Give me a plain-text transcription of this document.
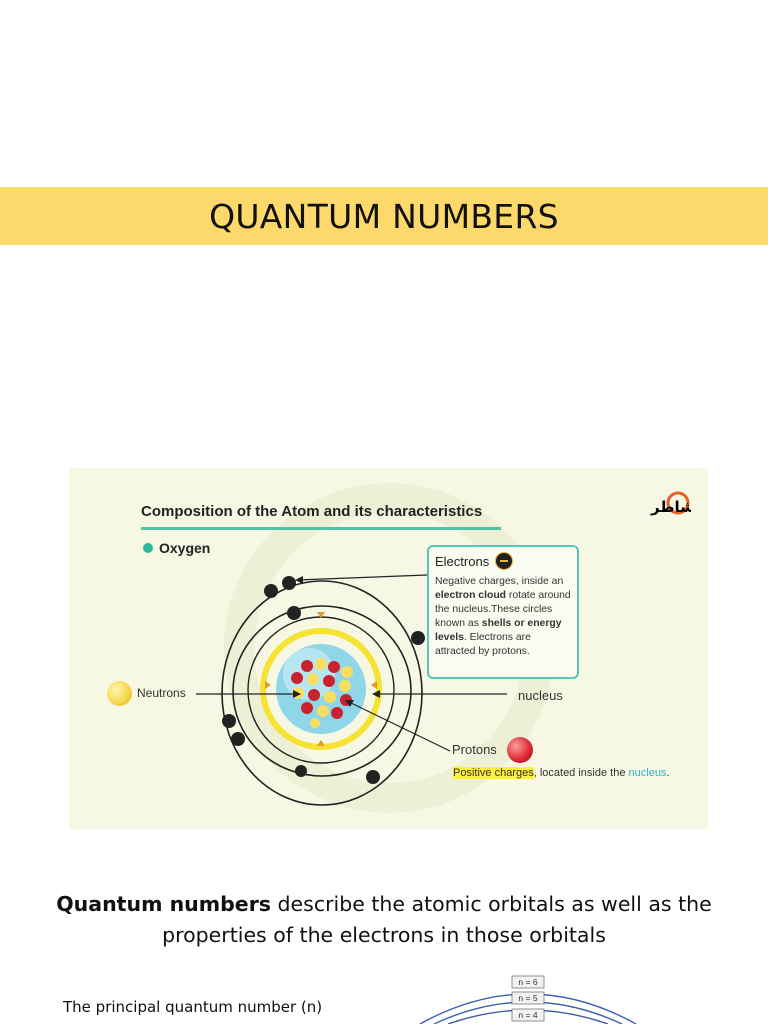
QUANTUM NUMBERS
Composition of the Atom and its characteristics
Oxygen
شاطر
Electrons

Negative charges, inside an electron cloud rotate around the nucleus.These circles known as shells or energy levels. Electrons are attracted by protons.

Neutrons	nucleus
Protons
Positive charges, located inside the nucleus.
Quantum numbers describe the atomic orbitals as well as the properties of the electrons in those orbitals
The principal quantum number (n)
n = 6
n = 5
n = 4
